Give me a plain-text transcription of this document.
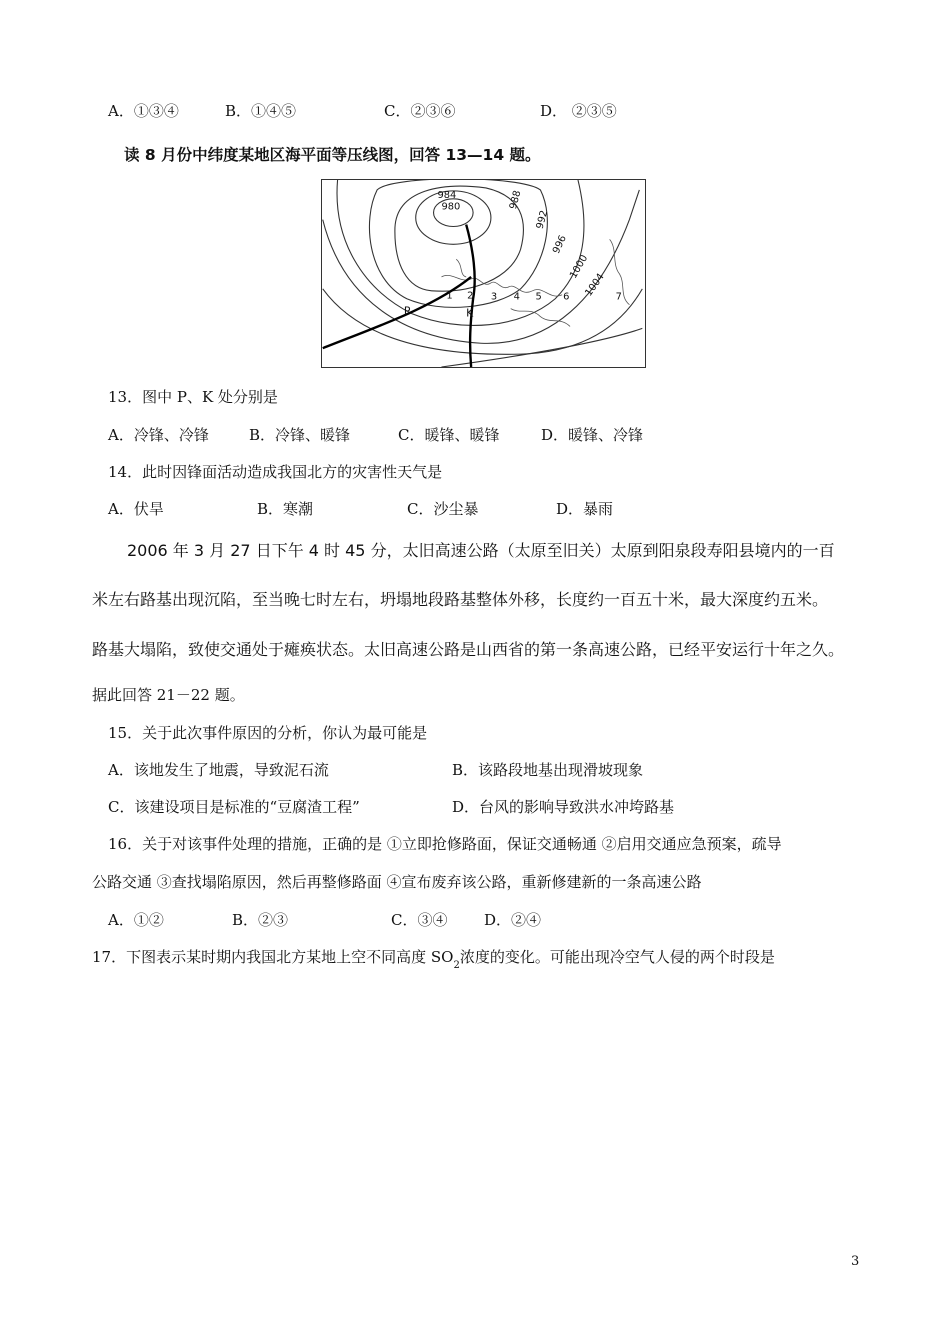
A．①③④	B．①④⑤	C．②③⑥	D． ②③⑤
读 8 月份中纬度某地区海平面等压线图，回答 13—14 题。
984
980	988
992
996
1000
1004
P	K
1 2 3 4 5 6	7
13．图中 P、K 处分别是
A．冷锋、冷锋	B．冷锋、暖锋	C．暖锋、暖锋	D．暖锋、冷锋
14．此时因锋面活动造成我国北方的灾害性天气是
A．伏旱	B．寒潮	C．沙尘暴	D．暴雨
2006 年 3 月 27 日下午 4 时 45 分，太旧高速公路（太原至旧关）太原到阳泉段寿阳县境内的一百
米左右路基出现沉陷，至当晚七时左右，坍塌地段路基整体外移，长度约一百五十米，最大深度约五米。
路基大塌陷，致使交通处于瘫痪状态。太旧高速公路是山西省的第一条高速公路，已经平安运行十年之久。
据此回答 21－22 题。
15．关于此次事件原因的分析，你认为最可能是
A．该地发生了地震，导致泥石流	B．该路段地基出现滑坡现象
C．该建设项目是标准的“豆腐渣工程”	D．台风的影响导致洪水冲垮路基
16．关于对该事件处理的措施，正确的是 ①立即抢修路面，保证交通畅通 ②启用交通应急预案，疏导
公路交通 ③查找塌陷原因，然后再整修路面 ④宣布废弃该公路，重新修建新的一条高速公路
A．①②	B．②③	C．③④ D．②④
17．下图表示某时期内我国北方某地上空不同高度 $SO_2$浓度的变化。可能出现冷空气人侵的两个时段是
3
